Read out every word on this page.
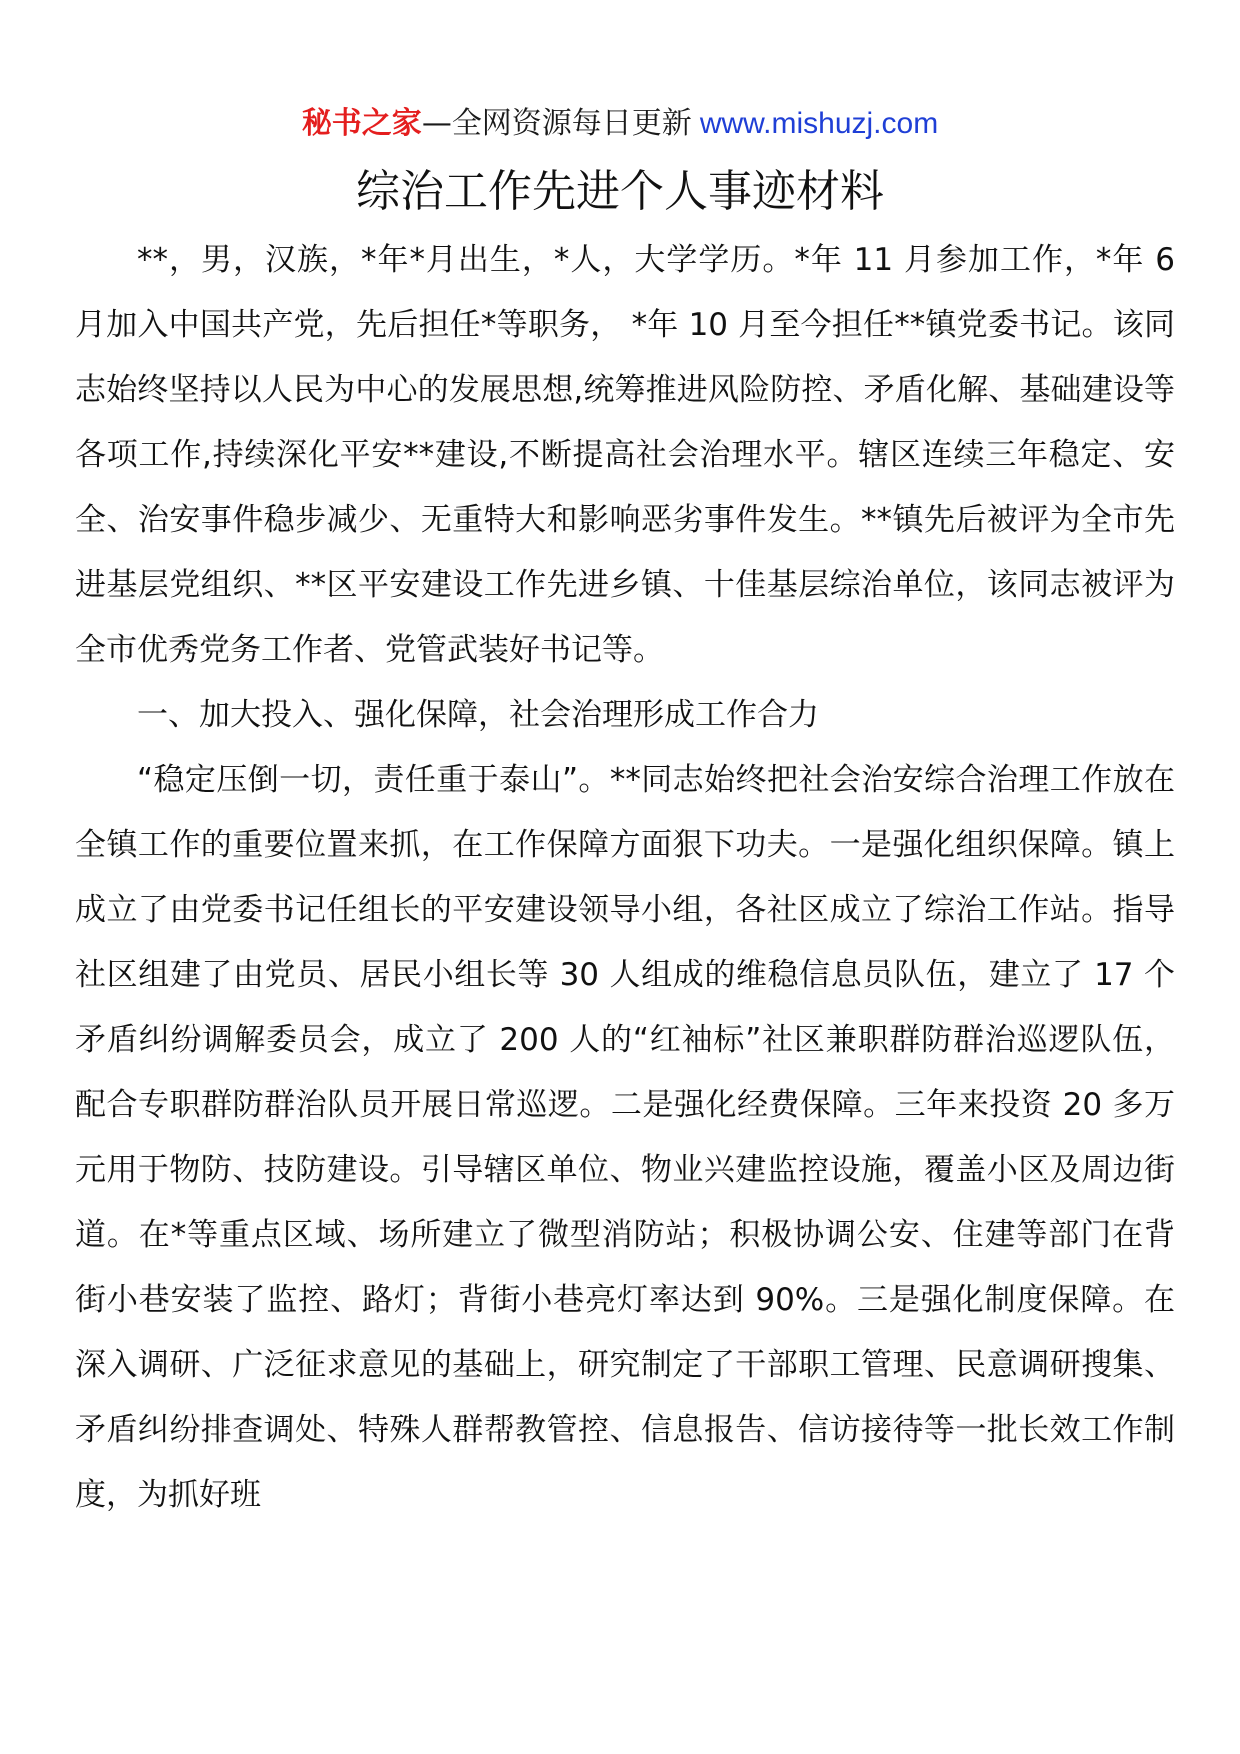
秘书之家—全网资源每日更新 www.mishuzj.com
综治工作先进个人事迹材料

**，男，汉族，*年*月出生，*人，大学学历。*年 11 月参加工作，*年 6 月加入中国共产党，先后担任*等职务， *年 10 月至今担任**镇党委书记。该同志始终坚持以人民为中心的发展思想,统筹推进风险防控、矛盾化解、基础建设等各项工作,持续深化平安**建设,不断提高社会治理水平。辖区连续三年稳定、安全、治安事件稳步减少、无重特大和影响恶劣事件发生。**镇先后被评为全市先进基层党组织、**区平安建设工作先进乡镇、十佳基层综治单位，该同志被评为全市优秀党务工作者、党管武装好书记等。

一、加大投入、强化保障，社会治理形成工作合力

“稳定压倒一切，责任重于泰山”。**同志始终把社会治安综合治理工作放在全镇工作的重要位置来抓，在工作保障方面狠下功夫。一是强化组织保障。镇上成立了由党委书记任组长的平安建设领导小组，各社区成立了综治工作站。指导社区组建了由党员、居民小组长等 30 人组成的维稳信息员队伍，建立了 17 个矛盾纠纷调解委员会，成立了 200 人的“红袖标”社区兼职群防群治巡逻队伍，配合专职群防群治队员开展日常巡逻。二是强化经费保障。三年来投资 20 多万元用于物防、技防建设。引导辖区单位、物业兴建监控设施，覆盖小区及周边街道。在*等重点区域、场所建立了微型消防站；积极协调公安、住建等部门在背街小巷安装了监控、路灯；背街小巷亮灯率达到 90%。三是强化制度保障。在深入调研、广泛征求意见的基础上，研究制定了干部职工管理、民意调研搜集、矛盾纠纷排查调处、特殊人群帮教管控、信息报告、信访接待等一批长效工作制度，为抓好班
